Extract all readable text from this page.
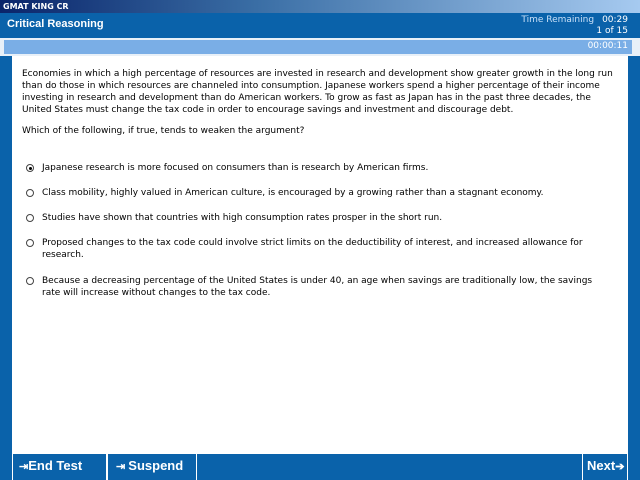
GMAT KING CR
Critical Reasoning	Time Remaining 00:29
1 of 15
00:00:11
Economies in which a high percentage of resources are invested in research and development show greater growth in the long run than do those in which resources are channeled into consumption. Japanese workers spend a higher percentage of their income investing in research and development than do American workers. To grow as fast as Japan has in the past three decades, the United States must change the tax code in order to encourage savings and investment and discourage debt.
Which of the following, if true, tends to weaken the argument?
Japanese research is more focused on consumers than is research by American firms.
Class mobility, highly valued in American culture, is encouraged by a growing rather than a stagnant economy.
Studies have shown that countries with high consumption rates prosper in the short run.
Proposed changes to the tax code could involve strict limits on the deductibility of interest, and increased allowance for research.
Because a decreasing percentage of the United States is under 40, an age when savings are traditionally low, the savings rate will increase without changes to the tax code.
⇥End Test	⇥ Suspend	Next➔
